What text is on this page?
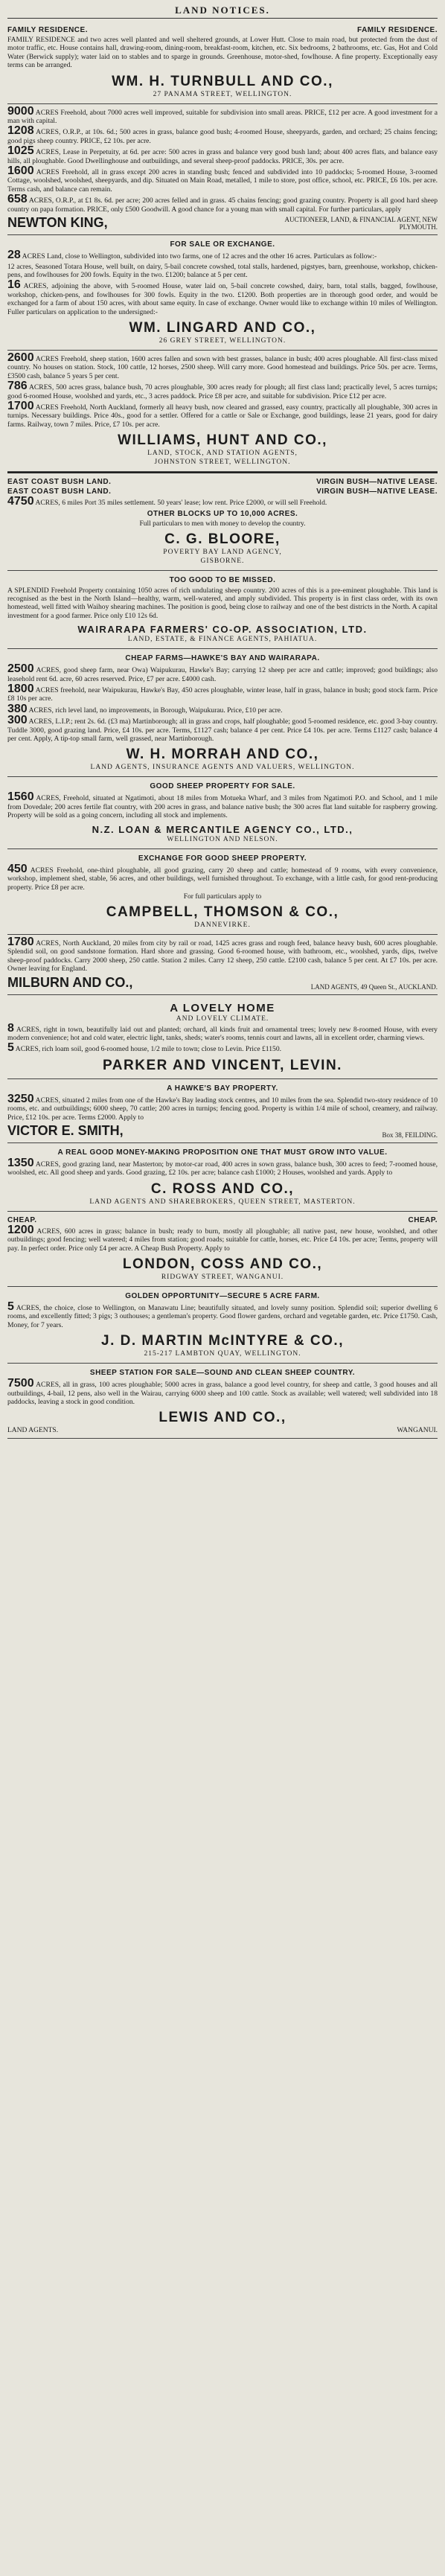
LAND NOTICES.
FAMILY RESIDENCE.	FAMILY RESIDENCE.

FAMILY RESIDENCE and two acres well planted and well sheltered grounds, at Lower Hutt. Close to main road, but protected from the dust of motor traffic, etc. House contains hall, drawing-room, dining-room, breakfast-room, kitchen, etc. Six bedrooms, 2 bathrooms, etc. Gas, Hot and Cold Water (Berwick supply); water laid on to stables and to sparge in grounds. Greenhouse, motor-shed, fowlhouse. A fine property. Exceptionally easy terms can be arranged.

WM. H. TURNBULL AND CO.,
27 PANAMA STREET, WELLINGTON.

9000 ACRES Freehold, about 7000 acres well improved, suitable for subdivision into small areas. PRICE, £12 per acre. A good investment for a man with capital.

1208 ACRES, O.R.P., at 10s. 6d.; 500 acres in grass, balance good bush; 4-roomed House, sheepyards, garden, and orchard; 25 chains fencing; good pigs sheep country. PRICE, £2 10s. per acre.

1025 ACRES, Lease in Perpetuity, at 6d. per acre: 500 acres in grass and balance very good bush land; about 400 acres flats, and balance easy hills, all ploughable. Good Dwellinghouse and outbuildings, and several sheep-proof paddocks. PRICE, 30s. per acre.

1600 ACRES Freehold, all in grass except 200 acres in standing bush; fenced and subdivided into 10 paddocks; 5-roomed House, 3-roomed Cottage, woolshed, woolshed, sheepyards, and dip. Situated on Main Road, metalled, 1 mile to store, post office, school, etc. PRICE, £6 10s. per acre. Terms cash, and balance can remain.

658 ACRES, O.R.P., at £1 8s. 6d. per acre; 200 acres felled and in grass. 45 chains fencing; good grazing country. Property is all good hard sheep country on papa formation. PRICE, only £500 Goodwill. A good chance for a young man with small capital. For further particulars, apply

NEWTON KING,	AUCTIONEER, LAND, & FINANCIAL AGENT, NEW PLYMOUTH.
FOR SALE OR EXCHANGE.

28 ACRES Land, close to Wellington, subdivided into two farms, one of 12 acres and the other 16 acres. Particulars as follow:-

12 acres, Seasoned Totara House, well built, on dairy, 5-bail concrete cowshed, total stalls, hardened, pigstyes, barn, greenhouse, workshop, chicken-pens, and fowlhouses for 200 fowls. Equity in the two. £1200; balance at 5 per cent.

16 ACRES, adjoining the above, with 5-roomed House, water laid on, 5-bail concrete cowshed, dairy, barn, total stalls, bagged, fowlhouse, workshop, chicken-pens, and fowlhouses for 300 fowls. Equity in the two. £1200. Both properties are in thorough good order, and would be exchanged for a farm of about 150 acres, with about same equity. In case of exchange. Owner would like to exchange within 10 miles of Wellington. Fuller particulars on application to the undersigned:-

WM. LINGARD AND CO.,
26 GREY STREET, WELLINGTON.

2600 ACRES Freehold, sheep station, 1600 acres fallen and sown with best grasses, balance in bush; 400 acres ploughable. All first-class mixed country. No houses on station. Stock, 100 cattle, 12 horses, 2500 sheep. Will carry more. Good homestead and buildings. Price 50s. per acre. Terms, £3500 cash, balance 5 years 5 per cent.

786 ACRES, 500 acres grass, balance bush, 70 acres ploughable, 300 acres ready for plough; all first class land; practically level, 5 acres turnips; good 6-roomed House, woolshed and yards, etc., 3 acres paddock. Price £8 per acre, and suitable for subdivision. Price £12 per acre.

1700 ACRES Freehold, North Auckland, formerly all heavy bush, now cleared and grassed, easy country, practically all ploughable, 300 acres in turnips. Necessary buildings. Price 40s., good for a settler. Offered for a cattle or Sale or Exchange, good buildings, lease 21 years, good for dairy farms. Railway, town 7 miles. Price, £7 10s. per acre.

WILLIAMS, HUNT AND CO.,
LAND, STOCK, AND STATION AGENTS,
JOHNSTON STREET, WELLINGTON.
EAST COAST BUSH LAND.	VIRGIN BUSH—NATIVE LEASE.
EAST COAST BUSH LAND.	VIRGIN BUSH—NATIVE LEASE.

4750 ACRES, 6 miles Port 35 miles settlement. 50 years' lease; low rent. Price £2000, or will sell Freehold.

OTHER BLOCKS UP TO 10,000 ACRES.
Full particulars to men with money to develop the country.
C. G. BLOORE,
POVERTY BAY LAND AGENCY,
GISBORNE.
TOO GOOD TO BE MISSED.

A SPLENDID Freehold Property containing 1050 acres of rich undulating sheep country. 200 acres of this is a pre-eminent ploughable. This land is recognised as the best in the North Island—healthy, warm, well-watered, and amply subdivided. This property is in first class order, with its own homestead, well fitted with Waihoy shearing machines. The position is good, being close to railway and one of the best districts in the North. A capital investment for a good farmer. Price only £10 12s 6d.

WAIRARAPA FARMERS' CO-OP. ASSOCIATION, LTD.
LAND, ESTATE, & FINANCE AGENTS, PAHIATUA.
CHEAP FARMS—HAWKE'S BAY AND WAIRARAPA.

2500 ACRES, good sheep farm, near Owa) Waipukurau, Hawke's Bay; carrying 12 sheep per acre and cattle; improved; good buildings; also leasehold rent 6d. acre, 60 acres reserved. Price, £7 per acre. £4000 cash.

1800 ACRES freehold, near Waipukurau, Hawke's Bay, 450 acres ploughable, winter lease, half in grass, balance in bush; good stock farm. Price £8 10s per acre.

380 ACRES, rich level land, no improvements, in Borough, Waipukurau. Price, £10 per acre.

300 ACRES, L.I.P.; rent 2s. 6d. (£3 ma) Martinborough; all in grass and crops, half ploughable; good 5-roomed residence, etc. good 3-bay country. Tuddle 3000, good grazing land. Price, £4 10s. per acre. Terms, £1127 cash; balance 4 per cent. Price £4 10s. per acre. Terms £1127 cash; balance 4 per cent. Apply, A tip-top small farm, well grassed, near Martinborough.

W. H. MORRAH AND CO.,
LAND AGENTS, INSURANCE AGENTS AND VALUERS, WELLINGTON.
GOOD SHEEP PROPERTY FOR SALE.

1560 ACRES, Freehold, situated at Ngatimoti, about 18 miles from Motueka Wharf, and 3 miles from Ngatimoti P.O. and School, and 1 mile from Dovedale; 200 acres fertile flat country, with 200 acres in grass, and balance native bush; the 300 acres flat land suitable for raspberry growing. Property will be sold as a going concern, including all stock and implements.

N.Z. LOAN & MERCANTILE AGENCY CO., LTD.,
WELLINGTON AND NELSON.
EXCHANGE FOR GOOD SHEEP PROPERTY.

450 ACRES Freehold, one-third ploughable, all good grazing, carry 20 sheep and cattle; homestead of 9 rooms, with every convenience, workshop, implement shed, stable, 56 acres, and other buildings, well furnished throughout. To exchange, with a little cash, for good rent-producing property. Price £8 per acre.

For full particulars apply to
CAMPBELL, THOMSON & CO.,
DANNEVIRKE.

1780 ACRES, North Auckland, 20 miles from city by rail or road, 1425 acres grass and rough feed, balance heavy bush, 600 acres ploughable. Splendid soil, on good sandstone formation. Hard shore and grassing. Good 6-roomed house, with bathroom, etc., woolshed, yards, dips, twelve sheep-proof paddocks. Carry 2000 sheep, 250 cattle. Station 2 miles. Carry 12 sheep, 250 cattle. £2100 cash, balance 5 per cent. At £7 10s. per acre. Owner leaving for England.

MILBURN AND CO.,	LAND AGENTS, 49 Queen St., AUCKLAND.
A LOVELY HOME
AND LOVELY CLIMATE.

8 ACRES, right in town, beautifully laid out and planted; orchard, all kinds fruit and ornamental trees; lovely new 8-roomed House, with every modern convenience; hot and cold water, electric light, tanks, sheds; water's rooms, tennis court and lawns, all in excellent order, charming views.

5 ACRES, rich loam soil, good 6-roomed house, 1/2 mile to town; close to Levin. Price £1150.

PARKER AND VINCENT, LEVIN.
A HAWKE'S BAY PROPERTY.

3250 ACRES, situated 2 miles from one of the Hawke's Bay leading stock centres, and 10 miles from the sea. Splendid two-story residence of 10 rooms, etc. and outbuildings; 6000 sheep, 70 cattle; 200 acres in turnips; fencing good. Property is within 1/4 mile of school, creamery, and railway. Price, £12 10s. per acre. Terms £2000. Apply to

VICTOR E. SMITH,	Box 38, FEILDING.
A REAL GOOD MONEY-MAKING PROPOSITION ONE THAT MUST GROW INTO VALUE.

1350 ACRES, good grazing land, near Masterton; by motor-car road, 400 acres in sown grass, balance bush, 300 acres to feed; 7-roomed house, woolshed, etc. All good sheep and yards. Good grazing, £2 10s. per acre; balance cash £1000; 2 Houses, woolshed and yards. Apply to

C. ROSS AND CO.,
LAND AGENTS AND SHAREBROKERS, QUEEN STREET, MASTERTON.
CHEAP.	CHEAP.

1200 ACRES, 600 acres in grass; balance in bush; ready to burn, mostly all ploughable; all native past, new house, woolshed, and other outbuildings; good fencing; well watered; 4 miles from station; good roads; suitable for cattle, horses, etc. Price £4 10s. per acre; Terms, property will pay. In perfect order. Price only £4 per acre. A Cheap Bush Property. Apply to

LONDON, COSS AND CO.,
RIDGWAY STREET, WANGANUI.
GOLDEN OPPORTUNITY—SECURE 5 ACRE FARM.

5 ACRES, the choice, close to Wellington, on Manawatu Line; beautifully situated, and lovely sunny position. Splendid soil; superior dwelling 6 rooms, and excellently fitted; 3 pigs; 3 outhouses; a gentleman's property. Good flower gardens, orchard and vegetable garden, etc. Price £1750. Cash, Money, for 7 years.

J. D. MARTIN McINTYRE & CO.,
215-217 LAMBTON QUAY, WELLINGTON.
SHEEP STATION FOR SALE—SOUND AND CLEAN SHEEP COUNTRY.

7500 ACRES, all in grass, 100 acres ploughable; 5000 acres in grass, balance a good level country, for sheep and cattle, 3 good houses and all outbuildings, 4-bail, 12 pens, also well in the Wairau, carrying 6000 sheep and 100 cattle. Stock as available; well watered; well subdivided into 18 paddocks, leaving a stock in good condition.

LEWIS AND CO.,
LAND AGENTS.	WANGANUI.
